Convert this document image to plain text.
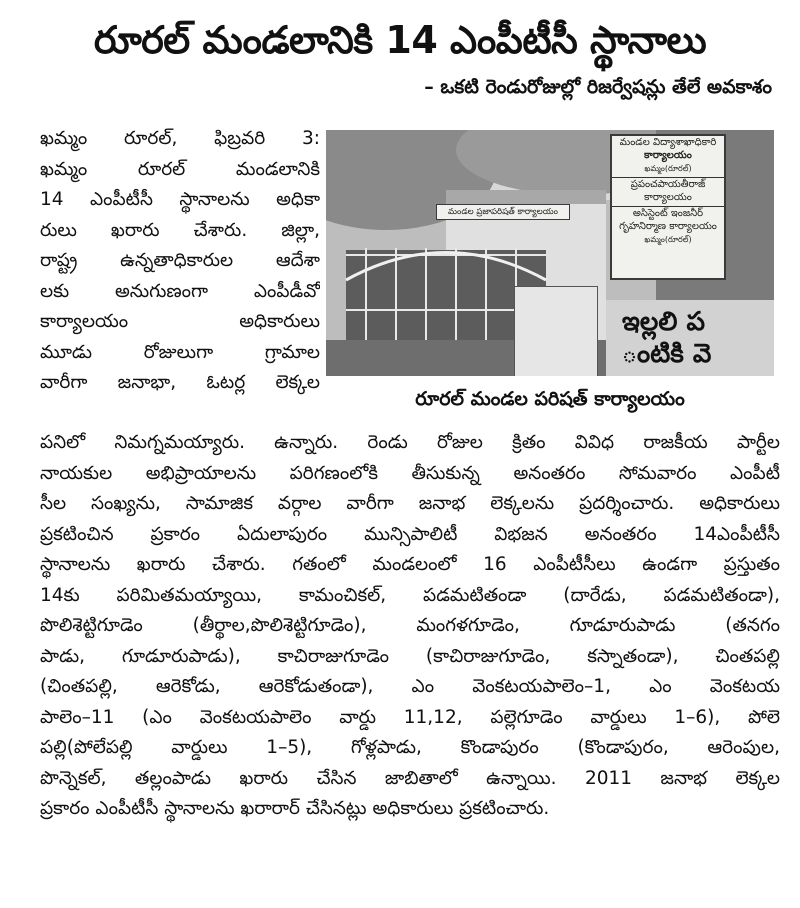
రూరల్‌ మండలానికి 14 ఎంపీటీసీ స్థానాలు
– ఒకటి రెండురోజుల్లో రిజర్వేషన్లు తేలే అవకాశం
ఖమ్మం రూరల్‌, ఫిబ్రవరి 3:
ఖమ్మం రూరల్‌ మండలానికి
14 ఎంపీటీసీ స్థానాలను అధికా
రులు ఖరారు చేశారు. జిల్లా,
రాష్ట్ర ఉన్నతాధికారుల ఆదేశా
లకు అనుగుణంగా ఎంపీడీవో
కార్యాలయం అధికారులు
మూడు రోజులుగా గ్రామాల
వారీగా జనాభా, ఓటర్ల లెక్కల
మండల విద్యాశాఖాధికారి
కార్యాలయం
ఖమ్మం(రూరల్)
ప్రపంచపాయతీరాజ్ కార్యాలయం
అసిస్టెంట్ ఇంజనీర్
గృహనిర్మాణ కార్యాలయం
ఖమ్మం(రూరల్)
మండల ప్రజాపరిషత్ కార్యాలయం
ఇల్లలి ప
ంటికి వె
రూరల్‌ మండల పరిషత్‌ కార్యాలయం
పనిలో నిమగ్నమయ్యారు. ఉన్నారు. రెండు రోజుల క్రితం వివిధ రాజకీయ పార్టీల
నాయకుల అభిప్రాయాలను పరిగణంలోకి తీసుకున్న అనంతరం సోమవారం ఎంపీటీ
సీల సంఖ్యను, సామాజిక వర్గాల వారీగా జనాభ లెక్కలను ప్రదర్శించారు. అధికారులు
ప్రకటించిన ప్రకారం ఏదులాపురం మున్సిపాలిటీ విభజన అనంతరం 14ఎంపీటీసీ
స్థానాలను ఖరారు చేశారు. గతంలో మండలంలో 16 ఎంపీటీసీలు ఉండగా ప్రస్తుతం
14కు పరిమితమయ్యాయి, కామంచికల్‌, పడమటితండా (దారేడు, పడమటితండా),
పొలిశెట్టిగూడెం (తీర్థాల,పొలిశెట్టిగూడెం), మంగళగూడెం, గూడూరుపాడు (తనగం
పాడు, గూడూరుపాడు), కాచిరాజుగూడెం (కాచిరాజుగూడెం, కస్నాతండా), చింతపల్లి
(చింతపల్లి, ఆరెకోడు, ఆరెకోడుతండా), ఎం వెంకటయపాలెం–1, ఎం వెంకటయ
పాలెం–11 (ఎం వెంకటయపాలెం వార్డు 11,12, పల్లెగూడెం వార్డులు 1–6), పోలె
పల్లి(పోలేపల్లి వార్డులు 1–5), గోళ్లపాడు, కొండాపురం (కొండాపురం, ఆరెంపుల,
పొన్నెకల్‌, తల్లంపాడు ఖరారు చేసిన జాబితాలో ఉన్నాయి. 2011 జనాభ లెక్కల
ప్రకారం ఎంపీటీసీ స్థానాలను ఖరారార్‌ చేసినట్లు అధికారులు ప్రకటించారు.
